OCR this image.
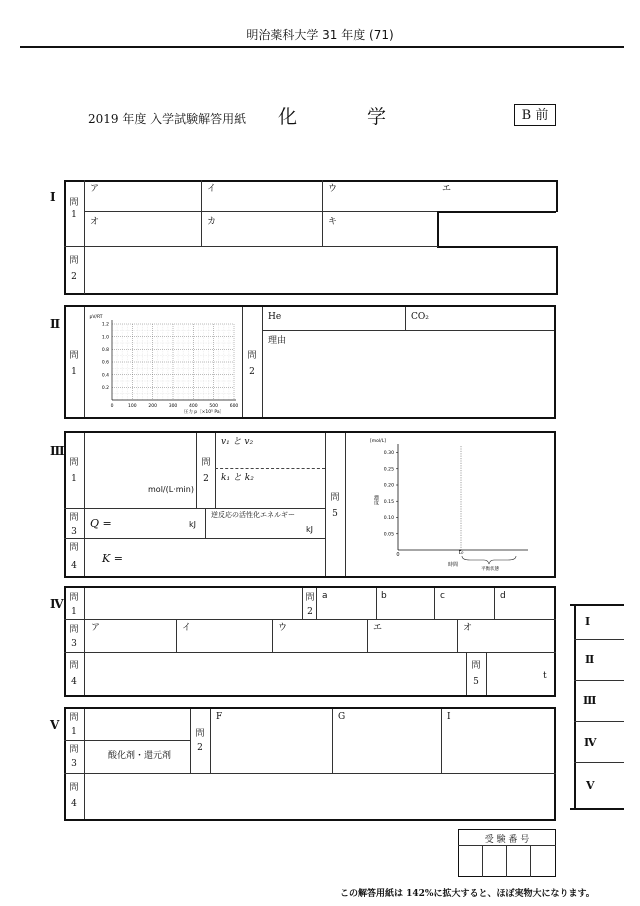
明治薬科大学 31 年度 (71)
2019 年度 入学試験解答用紙 化 学	B 前
Ⅰ 問
1
問
2
ア	イ	ウ	エ
オ	カ	キ
Ⅱ
問
1
問
2
He	CO₂
理由
0	100	200	300	400	500	600
0.2
0.4
0.6
0.8
1.0
1.2
pV/RT
圧力 p〔×10⁵ Pa〕
Ⅲ
問
1
問
2
問
3
問
4
問
5
mol/(L·min)
v₁ と v₂
k₁ と k₂
Q =	kJ
逆反応の活性化エネルギー
kJ
K =
0.05
0.10
0.15
0.20
0.25
0.30
[mol/L]
濃度
0
時間
t₀
平衡状態
Ⅳ 問
1
問
2
問
3
問
4
問
5
a	b	c	d
ア	イ	ウ	エ	オ
t
Ⅴ 問
1	問
2
問
3
問
4
F	G	I
酸化剤・還元剤
Ⅰ
Ⅱ
Ⅲ
Ⅳ
Ⅴ
受 験 番 号
この解答用紙は 142%に拡大すると、ほぼ実物大になります。
